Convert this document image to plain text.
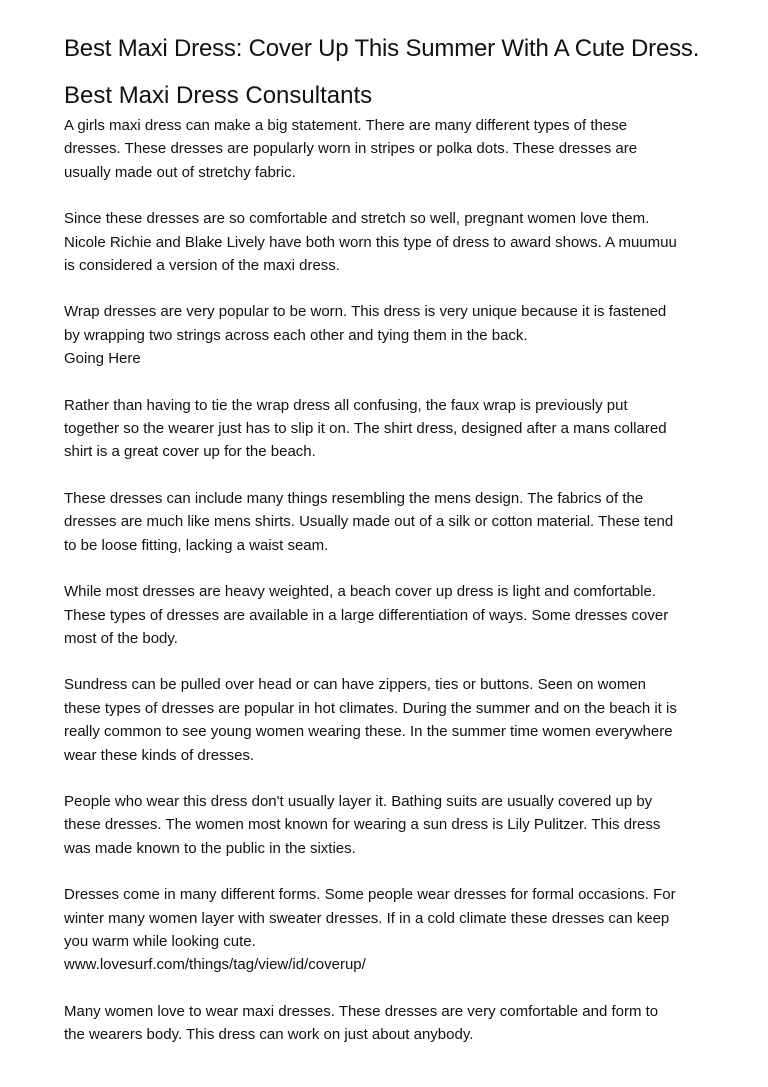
Best Maxi Dress: Cover Up This Summer With A Cute Dress.
Best Maxi Dress Consultants

A girls maxi dress can make a big statement. There are many different types of these
dresses. These dresses are popularly worn in stripes or polka dots. These dresses are
usually made out of stretchy fabric.

Since these dresses are so comfortable and stretch so well, pregnant women love them.
Nicole Richie and Blake Lively have both worn this type of dress to award shows. A muumuu
is considered a version of the maxi dress.

Wrap dresses are very popular to be worn. This dress is very unique because it is fastened
by wrapping two strings across each other and tying them in the back.
Going Here

Rather than having to tie the wrap dress all confusing, the faux wrap is previously put
together so the wearer just has to slip it on. The shirt dress, designed after a mans collared
shirt is a great cover up for the beach.

These dresses can include many things resembling the mens design. The fabrics of the
dresses are much like mens shirts. Usually made out of a silk or cotton material. These tend
to be loose fitting, lacking a waist seam.

While most dresses are heavy weighted, a beach cover up dress is light and comfortable.
These types of dresses are available in a large differentiation of ways. Some dresses cover
most of the body.

Sundress can be pulled over head or can have zippers, ties or buttons. Seen on women
these types of dresses are popular in hot climates. During the summer and on the beach it is
really common to see young women wearing these. In the summer time women everywhere
wear these kinds of dresses.

People who wear this dress don't usually layer it. Bathing suits are usually covered up by
these dresses. The women most known for wearing a sun dress is Lily Pulitzer. This dress
was made known to the public in the sixties.

Dresses come in many different forms. Some people wear dresses for formal occasions. For
winter many women layer with sweater dresses. If in a cold climate these dresses can keep
you warm while looking cute.
www.lovesurf.com/things/tag/view/id/coverup/

Many women love to wear maxi dresses. These dresses are very comfortable and form to
the wearers body. This dress can work on just about anybody.
